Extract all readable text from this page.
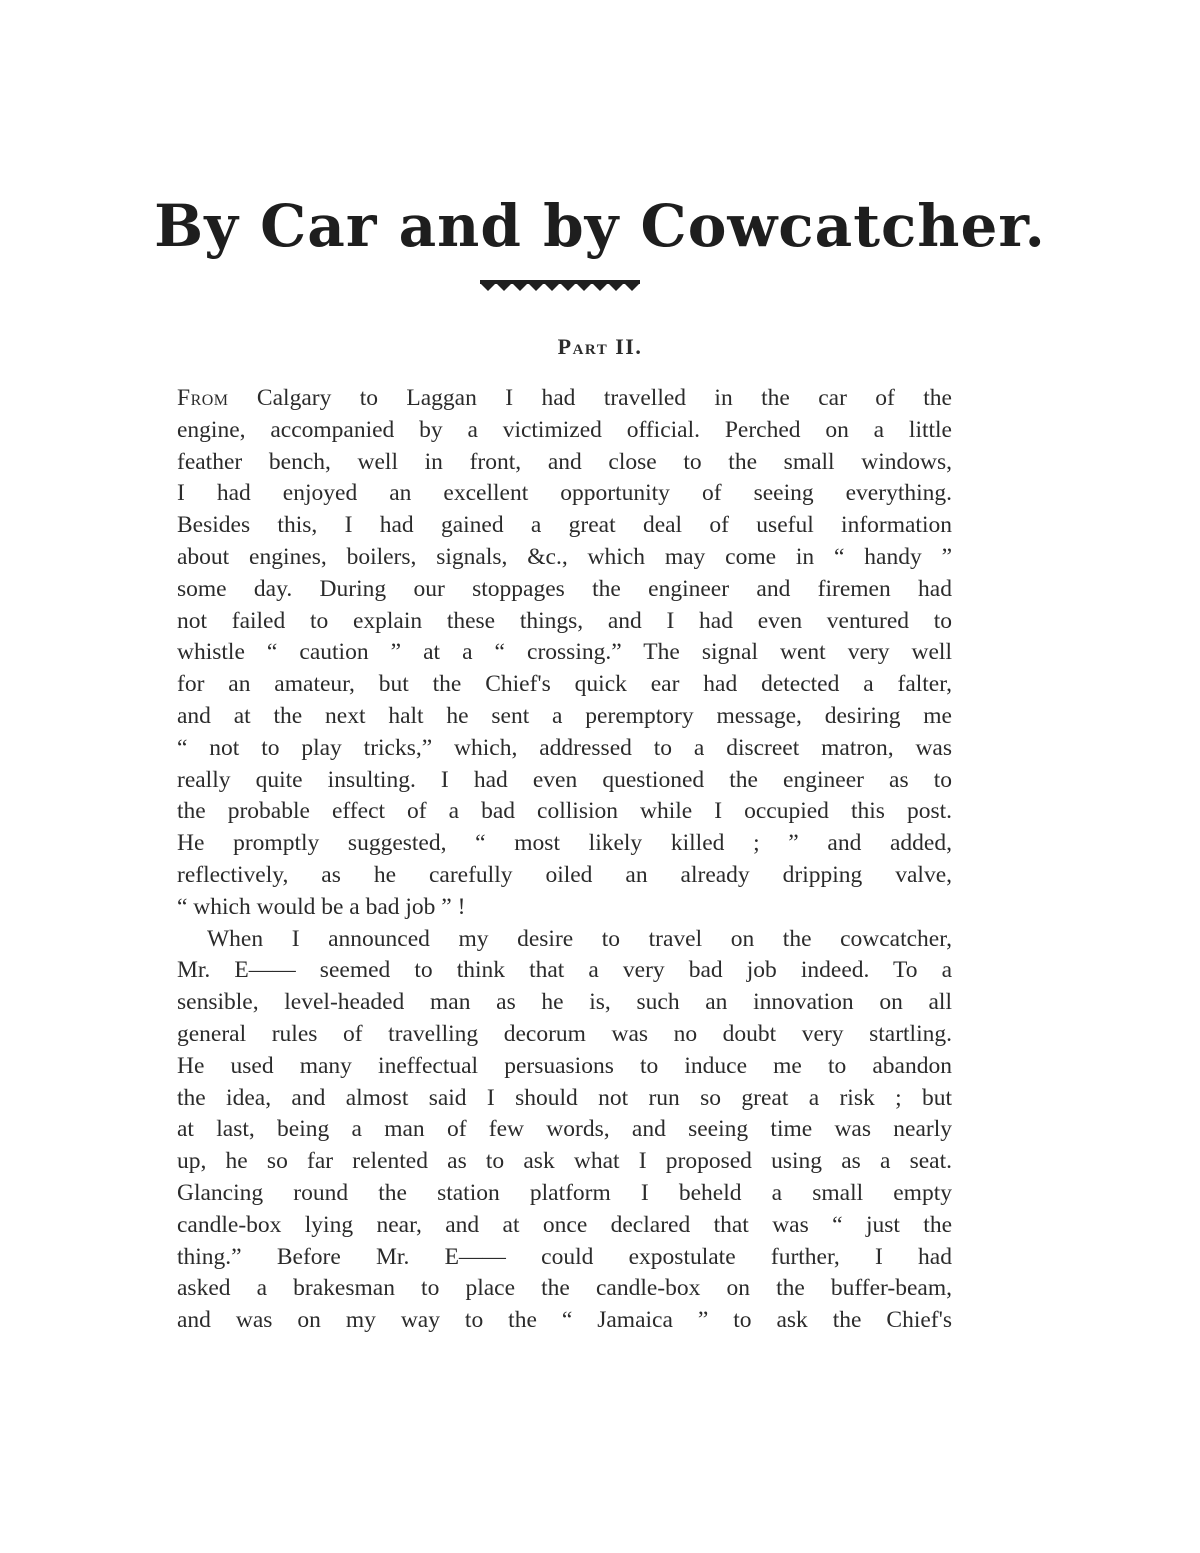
By Car and by Cowcatcher.
Part II.
From Calgary to Laggan I had travelled in the car of the
engine, accompanied by a victimized official. Perched on a little
feather bench, well in front, and close to the small windows,
I had enjoyed an excellent opportunity of seeing everything.
Besides this, I had gained a great deal of useful information
about engines, boilers, signals, &c., which may come in “ handy ”
some day. During our stoppages the engineer and firemen had
not failed to explain these things, and I had even ventured to
whistle “ caution ” at a “ crossing.” The signal went very well
for an amateur, but the Chief's quick ear had detected a falter,
and at the next halt he sent a peremptory message, desiring me
“ not to play tricks,” which, addressed to a discreet matron, was
really quite insulting. I had even questioned the engineer as to
the probable effect of a bad collision while I occupied this post.
He promptly suggested, “ most likely killed ; ” and added,
reflectively, as he carefully oiled an already dripping valve,
“ which would be a bad job ” !
When I announced my desire to travel on the cowcatcher,
Mr. E—— seemed to think that a very bad job indeed. To a
sensible, level-headed man as he is, such an innovation on all
general rules of travelling decorum was no doubt very startling.
He used many ineffectual persuasions to induce me to abandon
the idea, and almost said I should not run so great a risk ; but
at last, being a man of few words, and seeing time was nearly
up, he so far relented as to ask what I proposed using as a seat.
Glancing round the station platform I beheld a small empty
candle-box lying near, and at once declared that was “ just the
thing.” Before Mr. E—— could expostulate further, I had
asked a brakesman to place the candle-box on the buffer-beam,
and was on my way to the “ Jamaica ” to ask the Chief's
